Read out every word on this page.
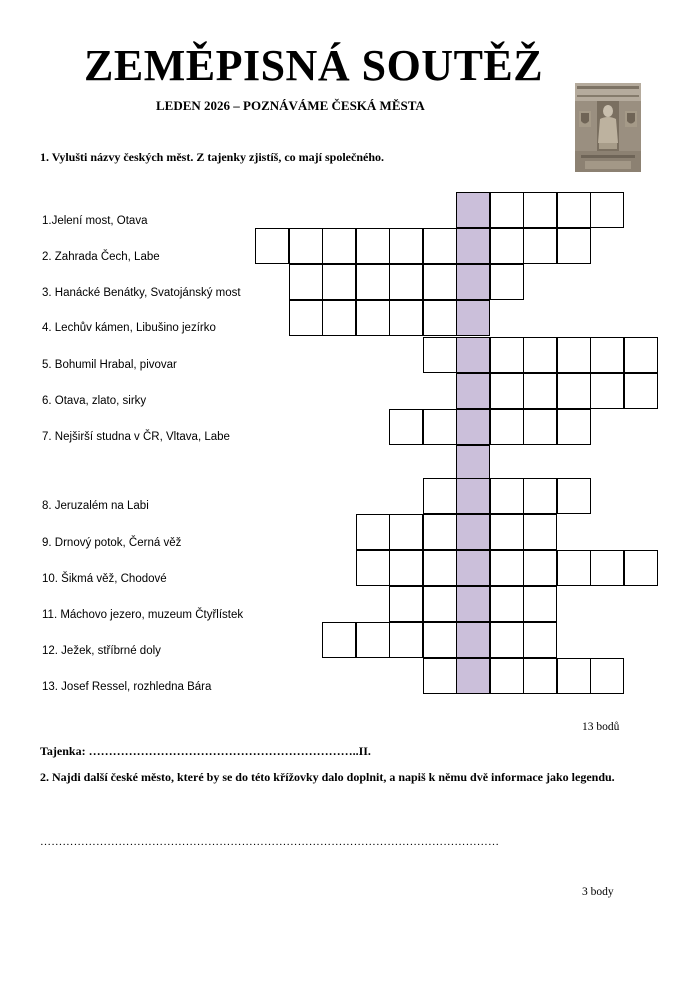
ZEMĚPISNÁ SOUTĚŽ
LEDEN 2026 – POZNÁVÁME ČESKÁ MĚSTA
1. Vylušti názvy českých měst. Z tajenky zjistíš, co mají společného.
1.Jelení most, Otava
2. Zahrada Čech, Labe
3. Hanácké Benátky, Svatojánský most
4. Lechův kámen, Libušino jezírko
5. Bohumil Hrabal, pivovar
6. Otava, zlato, sirky
7. Nejširší studna v ČR, Vltava, Labe
8. Jeruzalém na Labi
9. Drnový potok, Černá věž
10. Šikmá věž, Chodové
11. Máchovo jezero, muzeum Čtyřlístek
12. Ježek, stříbrné doly
13. Josef Ressel, rozhledna Bára
13 bodů
Tajenka: …………………………………………………………..II.
2. Najdi další české město, které by se do této křížovky dalo doplnit, a napiš k němu dvě informace jako legendu.
……………………………………………………………………………………………………………
3 body
